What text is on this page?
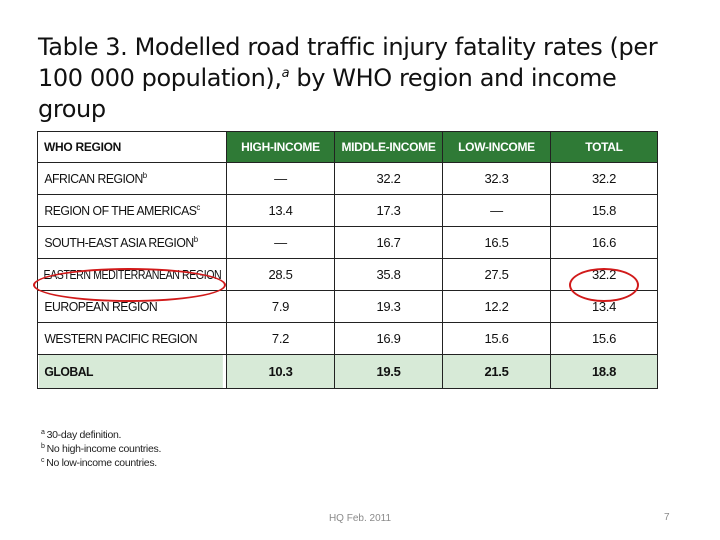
Table 3. Modelled road traffic injury fatality rates (per 100 000 population),$^a$ by WHO region and income group
WHO REGION	HIGH-INCOME	MIDDLE-INCOME	LOW-INCOME	TOTAL
AFRICAN REGION$^b$	—	32.2	32.3	32.2
REGION OF THE AMERICAS$^c$	13.4	17.3	—	15.8
SOUTH-EAST ASIA REGION$^b$	—	16.7	16.5	16.6
EASTERN MEDITERRANEAN REGION	28.5	35.8	27.5	32.2
EUROPEAN REGION	7.9	19.3	12.2	13.4
WESTERN PACIFIC REGION	7.2	16.9	15.6	15.6
GLOBAL	10.3	19.5	21.5	18.8
$^a$ 30-day definition.
$^b$ No high-income countries.
$^c$ No low-income countries.
HQ Feb. 2011	7
